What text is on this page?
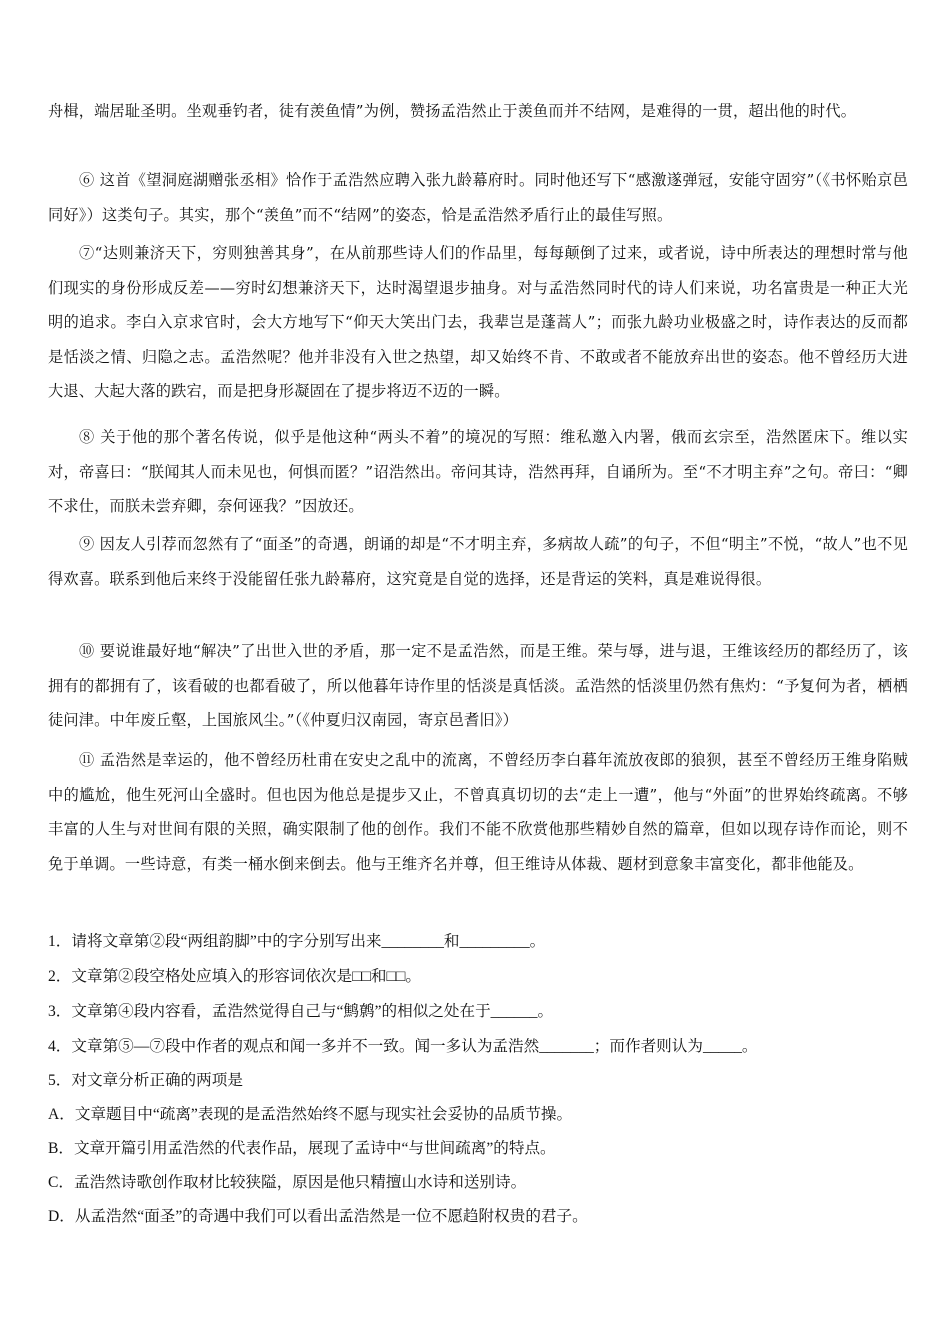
舟楫，端居耻圣明。坐观垂钓者，徒有羡鱼情”为例，赞扬孟浩然止于羡鱼而并不结网，是难得的一贯，超出他的时代。

⑥ 这首《望洞庭湖赠张丞相》恰作于孟浩然应聘入张九龄幕府时。同时他还写下“感激遂弹冠，安能守固穷”（《书怀贻京邑同好》）这类句子。其实，那个“羡鱼”而不“结网”的姿态，恰是孟浩然矛盾行止的最佳写照。

⑦“达则兼济天下，穷则独善其身”，在从前那些诗人们的作品里，每每颠倒了过来，或者说，诗中所表达的理想时常与他们现实的身份形成反差——穷时幻想兼济天下，达时渴望退步抽身。对与孟浩然同时代的诗人们来说，功名富贵是一种正大光明的追求。李白入京求官时，会大方地写下“仰天大笑出门去，我辈岂是蓬蒿人”；而张九龄功业极盛之时，诗作表达的反而都是恬淡之情、归隐之志。孟浩然呢？他并非没有入世之热望，却又始终不肯、不敢或者不能放弃出世的姿态。他不曾经历大进大退、大起大落的跌宕，而是把身形凝固在了提步将迈不迈的一瞬。

⑧ 关于他的那个著名传说，似乎是他这种“两头不着”的境况的写照：维私邀入内署，俄而玄宗至，浩然匿床下。维以实对，帝喜曰：“朕闻其人而未见也，何惧而匿？”诏浩然出。帝问其诗，浩然再拜，自诵所为。至“不才明主弃”之句。帝曰：“卿不求仕，而朕未尝弃卿，奈何诬我？”因放还。

⑨ 因友人引荐而忽然有了“面圣”的奇遇，朗诵的却是“不才明主弃，多病故人疏”的句子，不但“明主”不悦，“故人”也不见得欢喜。联系到他后来终于没能留任张九龄幕府，这究竟是自觉的选择，还是背运的笑料，真是难说得很。

⑩ 要说谁最好地“解决”了出世入世的矛盾，那一定不是孟浩然，而是王维。荣与辱，进与退，王维该经历的都经历了，该拥有的都拥有了，该看破的也都看破了，所以他暮年诗作里的恬淡是真恬淡。孟浩然的恬淡里仍然有焦灼：“予复何为者，栖栖徒问津。中年废丘壑，上国旅风尘。”（《仲夏归汉南园，寄京邑耆旧》）

⑪ 孟浩然是幸运的，他不曾经历杜甫在安史之乱中的流离，不曾经历李白暮年流放夜郎的狼狈，甚至不曾经历王维身陷贼中的尴尬，他生死河山全盛时。但也因为他总是提步又止，不曾真真切切的去“走上一遭”，他与“外面”的世界始终疏离。不够丰富的人生与对世间有限的关照，确实限制了他的创作。我们不能不欣赏他那些精妙自然的篇章，但如以现存诗作而论，则不免于单调。一些诗意，有类一桶水倒来倒去。他与王维齐名并尊，但王维诗从体裁、题材到意象丰富变化，都非他能及。

1．请将文章第②段“两组韵脚”中的字分别写出来________和_________。

2．文章第②段空格处应填入的形容词依次是□□和□□。

3．文章第④段内容看，孟浩然觉得自己与“鹪鹩”的相似之处在于______。

4．文章第⑤—⑦段中作者的观点和闻一多并不一致。闻一多认为孟浩然_______；而作者则认为_____。

5．对文章分析正确的两项是

A．文章题目中“疏离”表现的是孟浩然始终不愿与现实社会妥协的品质节操。

B．文章开篇引用孟浩然的代表作品，展现了孟诗中“与世间疏离”的特点。

C．孟浩然诗歌创作取材比较狭隘，原因是他只精擅山水诗和送别诗。

D．从孟浩然“面圣”的奇遇中我们可以看出孟浩然是一位不愿趋附权贵的君子。
